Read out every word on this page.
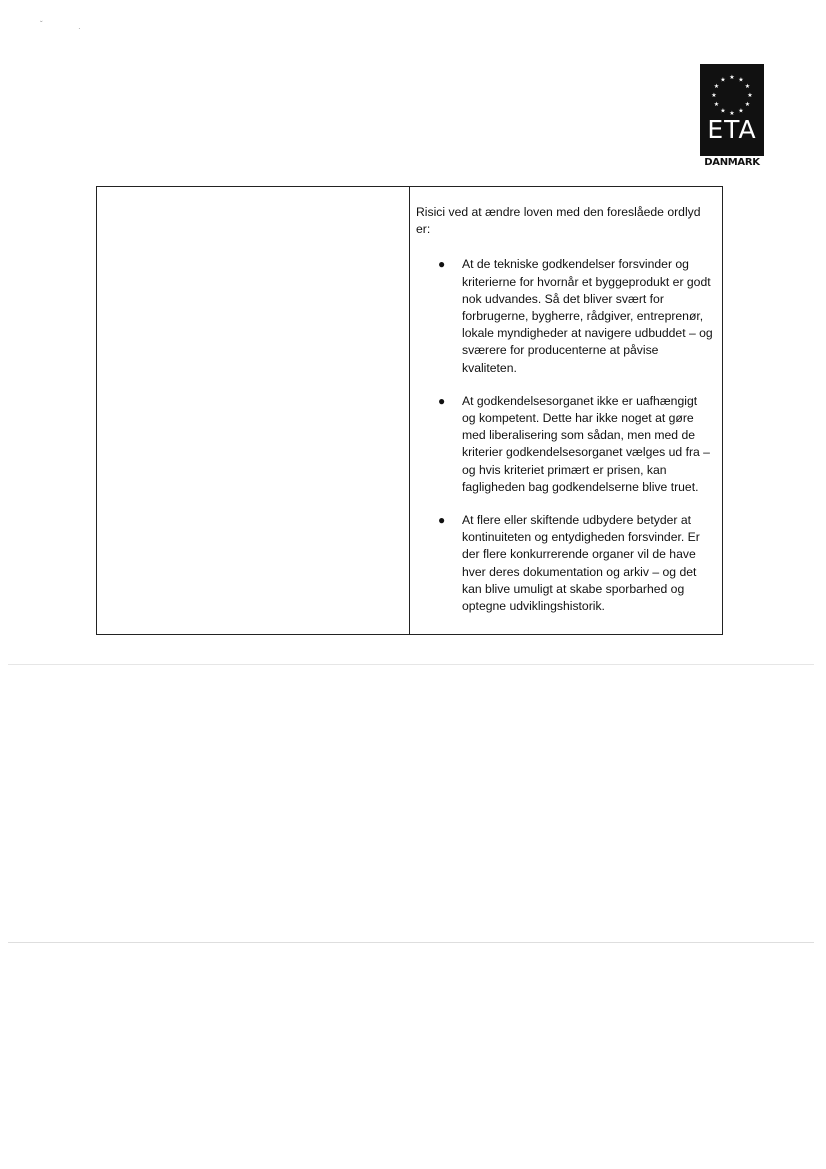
ˇ	·
★ ★
★
★
★
★
★
★
★
★
★
★
ETA
DANMARK

Risici ved at ændre loven med den foreslåede ordlyd er:

● At de tekniske godkendelser forsvinder og kriterierne for hvornår et byggeprodukt er godt nok udvandes. Så det bliver svært for forbrugerne, bygherre, rådgiver, entreprenør, lokale myndigheder at navigere udbuddet – og sværere for producenterne at påvise kvaliteten.
● At godkendelsesorganet ikke er uafhængigt og kompetent. Dette har ikke noget at gøre med liberalisering som sådan, men med de kriterier godkendelsesorganet vælges ud fra – og hvis kriteriet primært er prisen, kan fagligheden bag godkendelserne blive truet.
● At flere eller skiftende udbydere betyder at kontinuiteten og entydigheden forsvinder. Er der flere konkurrerende organer vil de have hver deres dokumentation og arkiv – og det kan blive umuligt at skabe sporbarhed og optegne udviklingshistorik.
